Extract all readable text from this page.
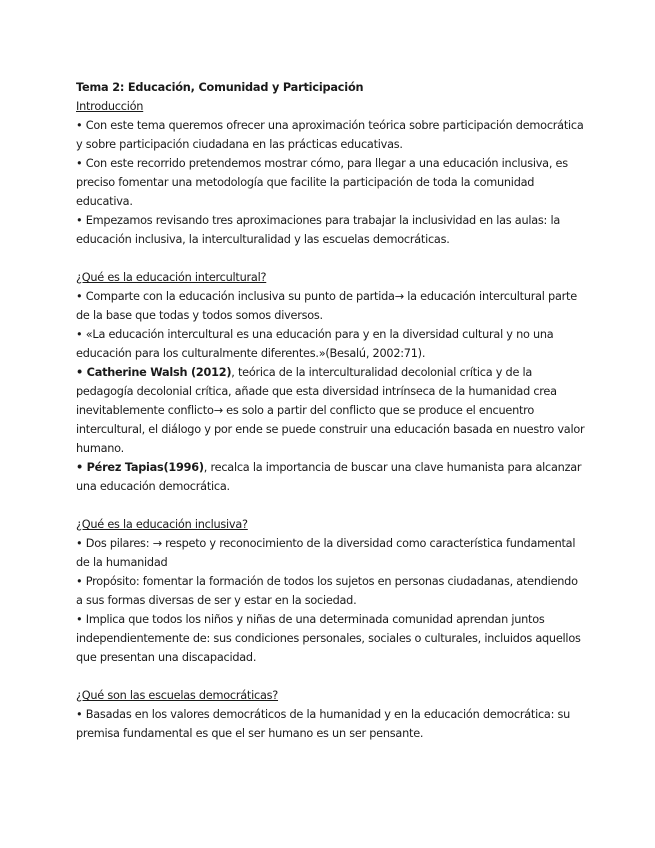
Tema 2: Educación, Comunidad y Participación

Introducción

• Con este tema queremos ofrecer una aproximación teórica sobre participación democrática y sobre participación ciudadana en las prácticas educativas.

• Con este recorrido pretendemos mostrar cómo, para llegar a una educación inclusiva, es preciso fomentar una metodología que facilite la participación de toda la comunidad educativa.

• Empezamos revisando tres aproximaciones para trabajar la inclusividad en las aulas: la educación inclusiva, la interculturalidad y las escuelas democráticas.

¿Qué es la educación intercultural?

• Comparte con la educación inclusiva su punto de partida→ la educación intercultural parte de la base que todas y todos somos diversos.

• «La educación intercultural es una educación para y en la diversidad cultural y no una educación para los culturalmente diferentes.»(Besalú, 2002:71).

• Catherine Walsh (2012), teórica de la interculturalidad decolonial crítica y de la pedagogía decolonial crítica, añade que esta diversidad intrínseca de la humanidad crea inevitablemente conflicto→ es solo a partir del conflicto que se produce el encuentro intercultural, el diálogo y por ende se puede construir una educación basada en nuestro valor humano.

• Pérez Tapias(1996), recalca la importancia de buscar una clave humanista para alcanzar una educación democrática.

¿Qué es la educación inclusiva?

• Dos pilares: → respeto y reconocimiento de la diversidad como característica fundamental de la humanidad

• Propósito: fomentar la formación de todos los sujetos en personas ciudadanas, atendiendo a sus formas diversas de ser y estar en la sociedad.

• Implica que todos los niños y niñas de una determinada comunidad aprendan juntos independientemente de: sus condiciones personales, sociales o culturales, incluidos aquellos que presentan una discapacidad.

¿Qué son las escuelas democráticas?

• Basadas en los valores democráticos de la humanidad y en la educación democrática: su premisa fundamental es que el ser humano es un ser pensante.
